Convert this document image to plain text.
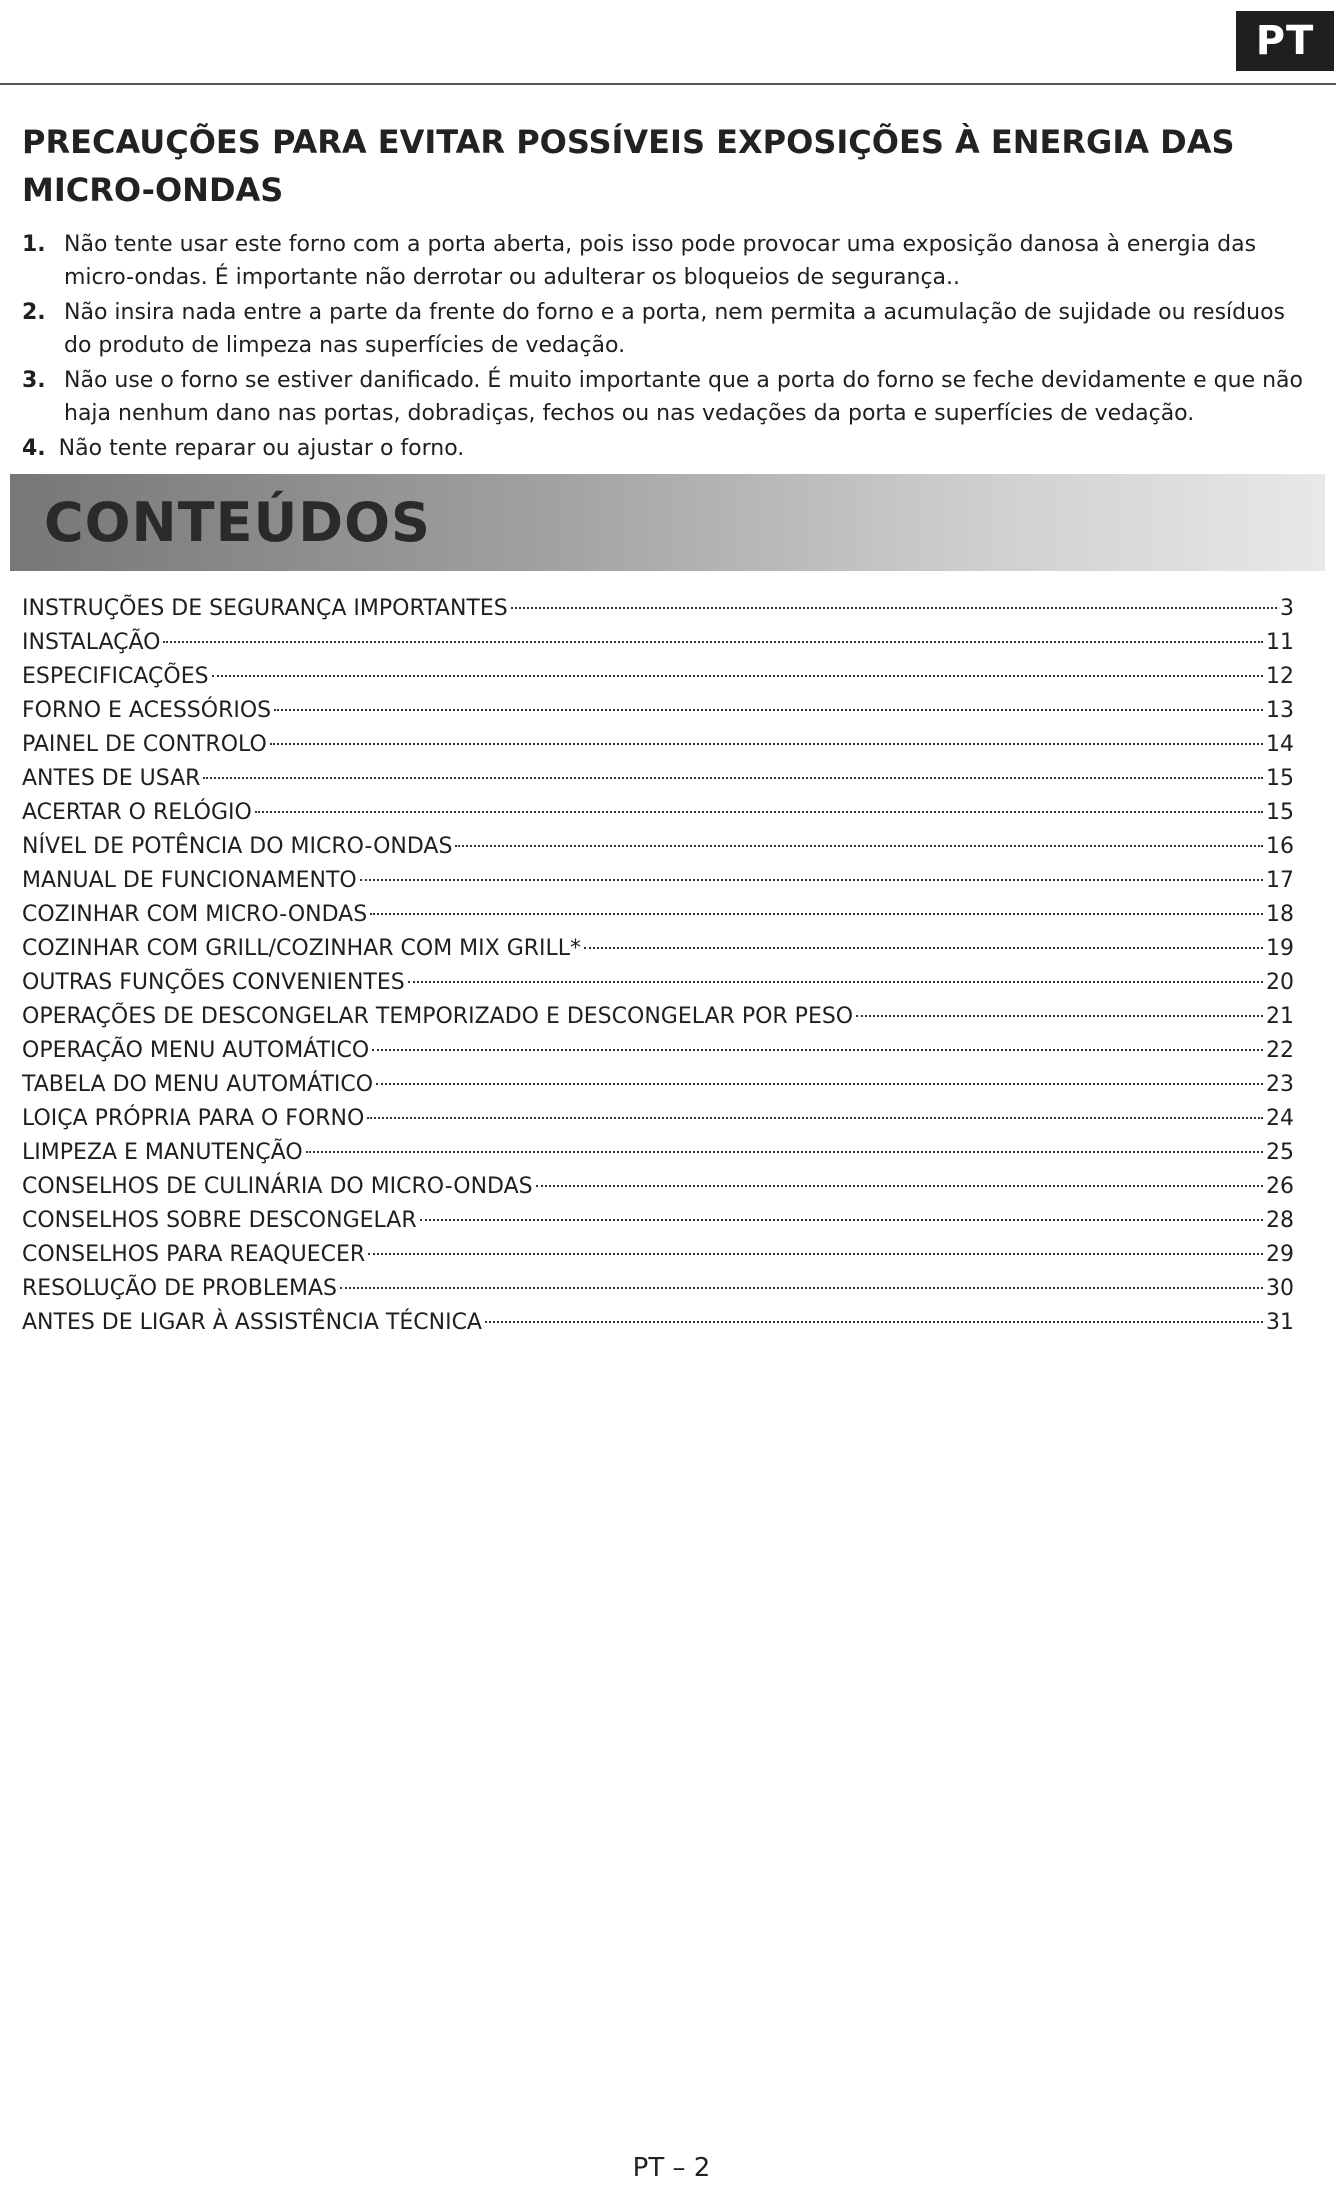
PT
PRECAUÇÕES PARA EVITAR POSSÍVEIS EXPOSIÇÕES À ENERGIA DAS MICRO-ONDAS
1. Não tente usar este forno com a porta aberta, pois isso pode provocar uma exposição danosa à energia das micro-ondas. É importante não derrotar ou adulterar os bloqueios de segurança..
2. Não insira nada entre a parte da frente do forno e a porta, nem permita a acumulação de sujidade ou resíduos do produto de limpeza nas superfícies de vedação.
3. Não use o forno se estiver danificado. É muito importante que a porta do forno se feche devidamente e que não haja nenhum dano nas portas, dobradiças, fechos ou nas vedações da porta e superfícies de vedação.
4. Não tente reparar ou ajustar o forno.
CONTEÚDOS
INSTRUÇÕES DE SEGURANÇA IMPORTANTES	3
INSTALAÇÃO	11
ESPECIFICAÇÕES	12
FORNO E ACESSÓRIOS	13
PAINEL DE CONTROLO	14
ANTES DE USAR	15
ACERTAR O RELÓGIO	15
NÍVEL DE POTÊNCIA DO MICRO-ONDAS	16
MANUAL DE FUNCIONAMENTO	17
COZINHAR COM MICRO-ONDAS	18
COZINHAR COM GRILL/COZINHAR COM MIX GRILL*	19
OUTRAS FUNÇÕES CONVENIENTES	20
OPERAÇÕES DE DESCONGELAR TEMPORIZADO E DESCONGELAR POR PESO	21
OPERAÇÃO MENU AUTOMÁTICO	22
TABELA DO MENU AUTOMÁTICO	23
LOIÇA PRÓPRIA PARA O FORNO	24
LIMPEZA E MANUTENÇÃO	25
CONSELHOS DE CULINÁRIA DO MICRO-ONDAS	26
CONSELHOS SOBRE DESCONGELAR	28
CONSELHOS PARA REAQUECER	29
RESOLUÇÃO DE PROBLEMAS	30
ANTES DE LIGAR À ASSISTÊNCIA TÉCNICA	31
PT – 2
